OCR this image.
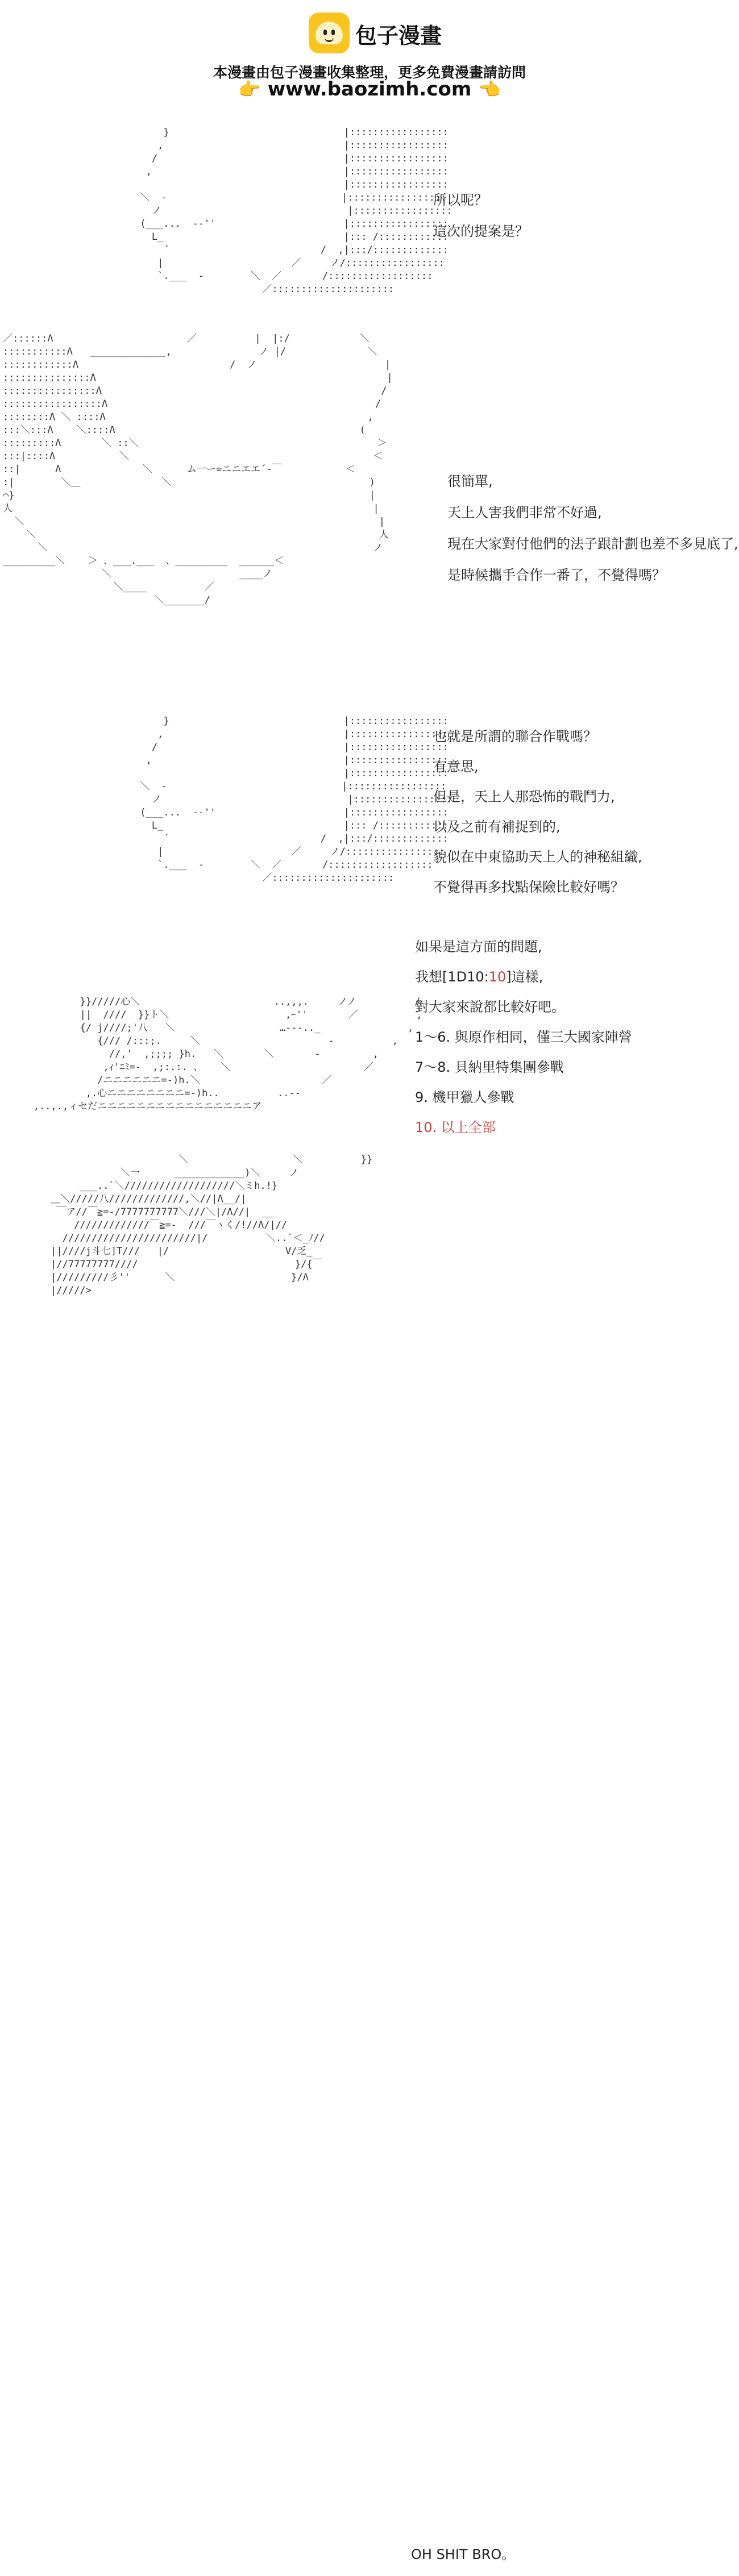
包子漫畫
本漫畫由包子漫畫收集整理，更多免費漫畫請訪問
👉 www.baozimh.com 👈
}                              |:::::::::::::::::
,                               |:::::::::::::::::
/                                |:::::::::::::::::
,                                 |:::::::::::::::::
|:::::::::::::::::
＼  -                              |:::::::::::::::::
ノ                                |:::::::::::::::::
(___...  -‐''                      |:::::::::::::::::
L_                               |::: /::::::::::::
´                          /  ,|:::/:::::::::::::
|                      ／     ノ/:::::::::::::::::
`.___  -        ＼  ／       /::::::::::::::::::
／:::::::::::::::::::::

所以呢？
這次的提案是？
／::::::Λ                       ／          |  |:/            ＼
:::::::::::Λ   _____________,               ノ |/              ＼
::::::::::::Λ                          /  ノ                      |
:::::::::::::::Λ                                                  |
::::::::::::::::Λ                                                /
:::::::::::::::::Λ                                              /
::::::::Λ ＼ ::::Λ                                             ,
:::＼:::Λ    ＼::::Λ                                          (
:::::::::Λ       ＼ ::＼                                         ＞
:::|::::Λ           ＼                                          ＜
::|      Λ              ＼      ム一ー=ニニエエ´‐￣           ＜
:|        ＼＿              ＼                                  )
⌒}                                                             |
人                                                              |
＼                                                             |
＼                                                           人
＼                                                        ノ
_________＼    ＞ ．___.___  、_________  ______＜
＼                      ____ノ
＼____          ／
＼_______/

很簡單,
天上人害我們非常不好過,
現在大家對付他們的法子跟計劃也差不多見底了,
是時候攜手合作一番了，不覺得嗎？
}                              |:::::::::::::::::
,                               |:::::::::::::::::
/                                |:::::::::::::::::
,                                 |:::::::::::::::::
|:::::::::::::::::
＼  -                              |:::::::::::::::::
ノ                                |:::::::::::::::::
(___...  -‐''                      |:::::::::::::::::
L_                               |::: /::::::::::::
´                          /  ,|:::/:::::::::::::
|                      ／     ノ/:::::::::::::::::
`.___  -        ＼  ／       /::::::::::::::::::
／:::::::::::::::::::::

也就是所謂的聯合作戰嗎？
有意思,
但是，天上人那恐怖的戰鬥力,
以及之前有補捉到的,
貌似在中東協助天上人的神秘組織,
不覺得再多找點保險比較好嗎？
}}/////心＼                       ..,,,.     ノノ          /
||  ////  }}ト＼                    ,ｰ''       ／          ,
{/ j////;'八   ＼                  …---.._               ,
{/// /:::;.     ＼                      ‐          ,
//,'  ,;;;; }h.   ＼       ＼       ‐         ,
,ｨ'ﾆﾐ=-  ,;:.:. 、   ＼                       ／
/ニニニニニニ=-)h.＼                     ／
,.心ニニニニニニニニ=-)h..          ..-‐
,..,.,ィセだニニニニニニニニニニニニニニニニア

如果是這方面的問題,
我想[1D10:10]這樣,
對大家來說都比較好吧。
1～6. 與原作相同，僅三大國家陣營
7～8. 貝納里特集團參戰
9. 機甲獵人參戰
10. 以上全部
＼                  ＼          }}
＼一      ____________)＼     ノ
___..`＼///////////////////＼ミh.!}
＿＼/////八/////////////,＼//|Λ__/|
￣ア//￣≧=-/7777777777＼///＼|/Λ//|  __
/////////////￣≧=-  ///￣ヽく/!//Λ/|//
///////////////////////|/          ＼..`＜_ﾉ//
||////j斗七]T///   |/                    V/乏_
|//77777777////                           }/{￣
|/////////彡''      ＼                    }/Λ
|/////>

OH SHIT BRO。
